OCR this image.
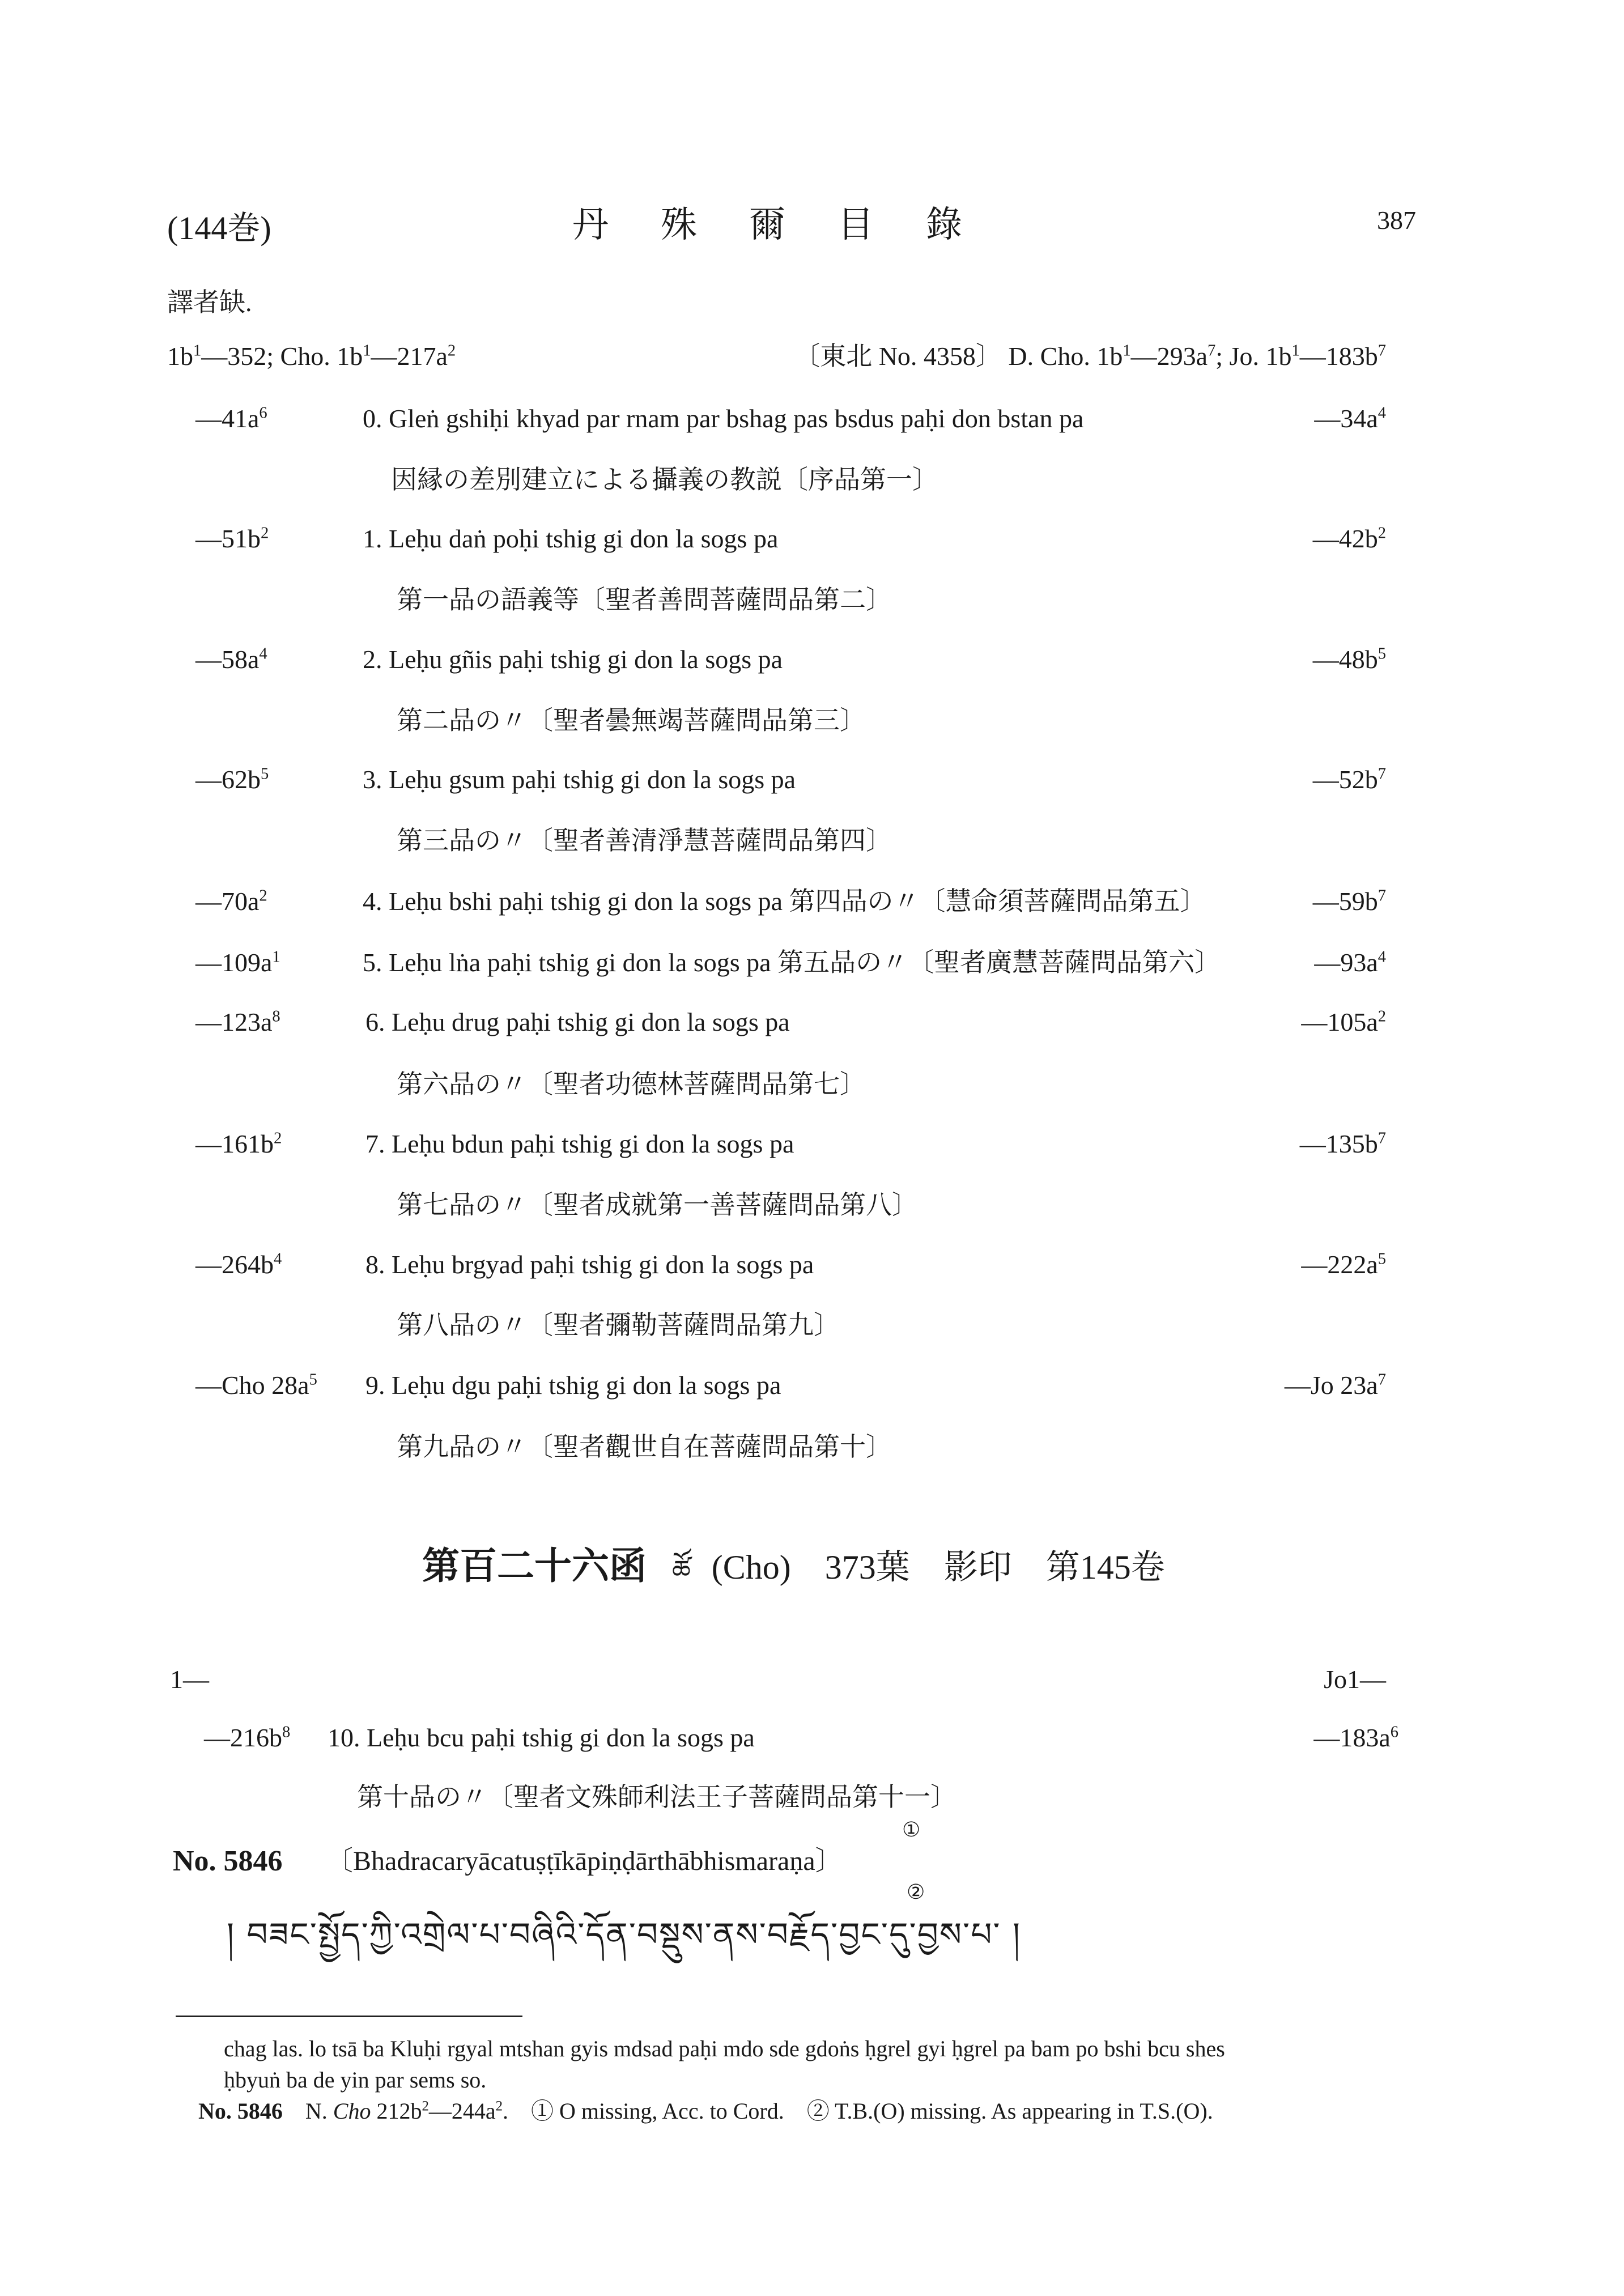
(144巻)	丹殊爾目錄	387
譯者缺.
$1b^1—352$; Cho. $1b^1—217a^2$	〔東北 No. 4358〕 D. Cho. $1b^1—293a^7$; Jo. $1b^1—183b^7$
$—41a^6$	0. Gleṅ gshiḥi khyad par rnam par bshag pas bsdus paḥi don bstan pa	$—34a^4$
因縁の差別建立による攝義の教説〔序品第一〕
$—51b^2$	1. Leḥu daṅ poḥi tshig gi don la sogs pa	$—42b^2$
第一品の語義等〔聖者善問菩薩問品第二〕
$—58a^4$	2. Leḥu gñis paḥi tshig gi don la sogs pa	$—48b^5$
第二品の〃〔聖者曇無竭菩薩問品第三〕
$—62b^5$	3. Leḥu gsum paḥi tshig gi don la sogs pa	$—52b^7$
第三品の〃〔聖者善清淨慧菩薩問品第四〕
$—70a^2$	4. Leḥu bshi paḥi tshig gi don la sogs pa 第四品の〃〔慧命須菩薩問品第五〕	$—59b^7$
$—109a^1$	5. Leḥu lṅa paḥi tshig gi don la sogs pa 第五品の〃〔聖者廣慧菩薩問品第六〕	$—93a^4$
$—123a^8$	6. Leḥu drug paḥi tshig gi don la sogs pa	$—105a^2$
第六品の〃〔聖者功德林菩薩問品第七〕
$—161b^2$	7. Leḥu bdun paḥi tshig gi don la sogs pa	$—135b^7$
第七品の〃〔聖者成就第一善菩薩問品第八〕
$—264b^4$	8. Leḥu brgyad paḥi tshig gi don la sogs pa	$—222a^5$
第八品の〃〔聖者彌勒菩薩問品第九〕
—Cho $28a^5$ 9. Leḥu dgu paḥi tshig gi don la sogs pa	—Jo $23a^7$
第九品の〃〔聖者觀世自在菩薩問品第十〕
第百二十六函 ཚོ (Cho)　373葉　影印　第145卷
1—	Jo1—
$—216b^8$ 10. Leḥu bcu paḥi tshig gi don la sogs pa	$—183a^6$
第十品の〃〔聖者文殊師利法王子菩薩問品第十一〕
No. 5846 〔Bhadracaryācatuṣṭīkāpiṇḍārthābhismaraṇa〕
①
། བཟང་སྤྱོད་ཀྱི་འགྲེལ་པ་བཞིའི་དོན་བསྡུས་ནས་བརྗོད་བྱང་དུ་བྱས་པ་ །
②
chag las. lo tsā ba Kluḥi rgyal mtshan gyis mdsad paḥi mdo sde gdoṅs ḥgrel gyi ḥgrel pa bam po bshi bcu shes
ḥbyuṅ ba de yin par sems so.
No. 5846　 N. Cho $212b^2—244a^2$.　① O missing, Acc. to Cord.　② T.B.(O) missing. As appearing in T.S.(O).
